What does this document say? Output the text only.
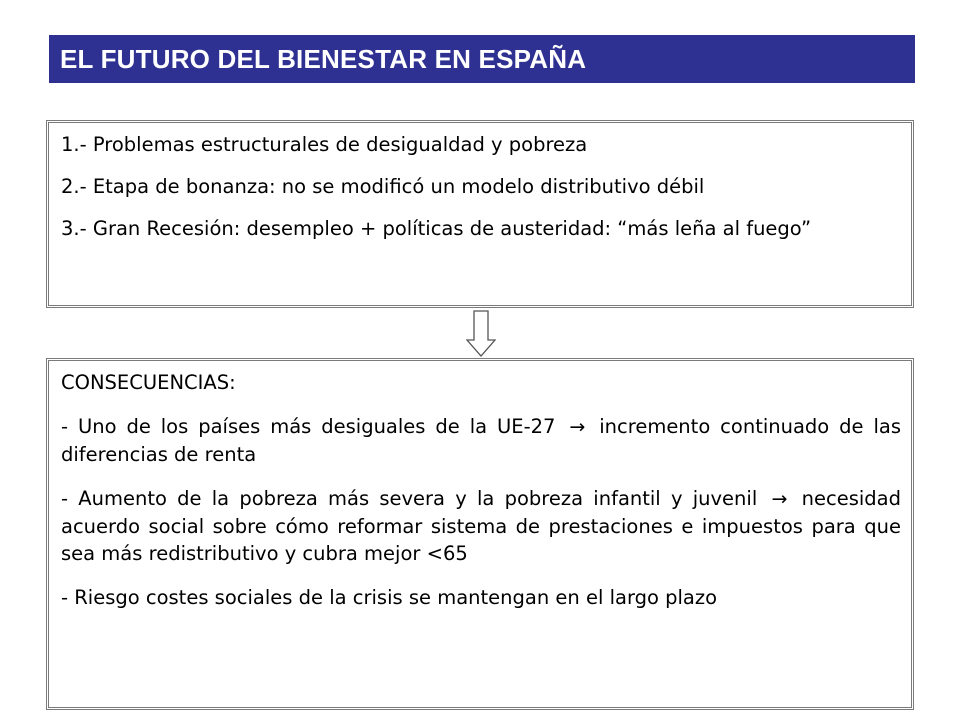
EL FUTURO DEL BIENESTAR EN ESPAÑA

1.- Problemas estructurales de desigualdad y pobreza

2.- Etapa de bonanza: no se modificó un modelo distributivo débil

3.- Gran Recesión: desempleo + políticas de austeridad: “más leña al fuego”

CONSECUENCIAS:

- Uno de los países más desiguales de la UE-27 → incremento continuado de las diferencias de renta

- Aumento de la pobreza más severa y la pobreza infantil y juvenil → necesidad acuerdo social sobre cómo reformar sistema de prestaciones e impuestos para que sea más redistributivo y cubra mejor <65

- Riesgo costes sociales de la crisis se mantengan en el largo plazo
